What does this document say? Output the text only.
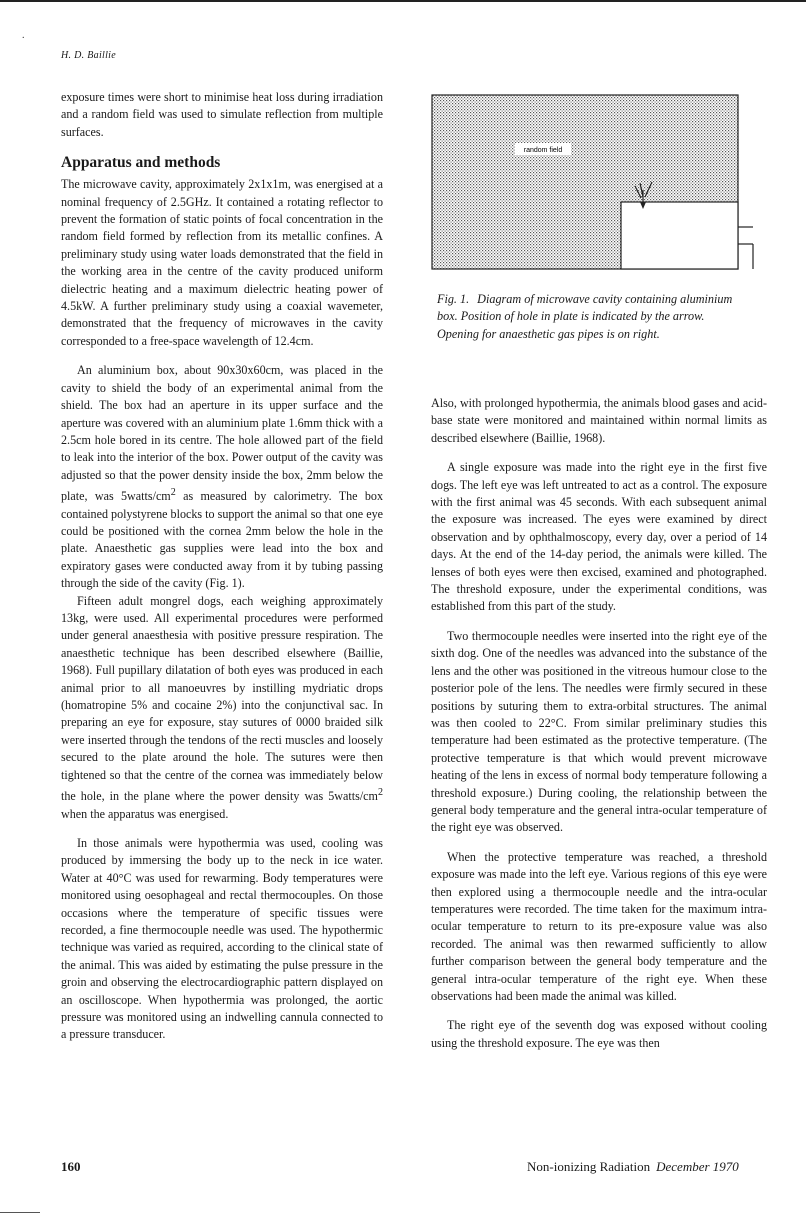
.
H. D. Baillie

exposure times were short to minimise heat loss during irradiation and a random field was used to simulate reflection from multiple surfaces.

Apparatus and methods

The microwave cavity, approximately 2x1x1m, was energised at a nominal frequency of 2.5GHz. It contained a rotating reflector to prevent the formation of static points of focal concentration in the random field formed by reflection from its metallic confines. A preliminary study using water loads demonstrated that the field in the working area in the centre of the cavity produced uniform dielectric heating and a maximum dielectric heating power of 4.5kW. A further preliminary study using a coaxial wavemeter, demonstrated that the frequency of microwaves in the cavity corresponded to a free-space wavelength of 12.4cm.

An aluminium box, about 90x30x60cm, was placed in the cavity to shield the body of an experimental animal from the shield. The box had an aperture in its upper surface and the aperture was covered with an aluminium plate 1.6mm thick with a 2.5cm hole bored in its centre. The hole allowed part of the field to leak into the interior of the box. Power output of the cavity was adjusted so that the power density inside the box, 2mm below the plate, was $5watts/cm^2$ as measured by calorimetry. The box contained polystyrene blocks to support the animal so that one eye could be positioned with the cornea 2mm below the hole in the plate. Anaesthetic gas supplies were lead into the box and expiratory gases were conducted away from it by tubing passing through the side of the cavity (Fig. 1).

Fifteen adult mongrel dogs, each weighing approximately 13kg, were used. All experimental procedures were performed under general anaesthesia with positive pressure respiration. The anaesthetic technique has been described elsewhere (Baillie, 1968). Full pupillary dilatation of both eyes was produced in each animal prior to all manoeuvres by instilling mydriatic drops (homatropine 5% and cocaine 2%) into the conjunctival sac. In preparing an eye for exposure, stay sutures of 0000 braided silk were inserted through the tendons of the recti muscles and loosely secured to the plate around the hole. The sutures were then tightened so that the centre of the cornea was immediately below the hole, in the plane where the power density was $5watts/cm^2$ when the apparatus was energised.

In those animals were hypothermia was used, cooling was produced by immersing the body up to the neck in ice water. Water at 40°C was used for rewarming. Body temperatures were monitored using oesophageal and rectal thermocouples. On those occasions where the temperature of specific tissues were recorded, a fine thermocouple needle was used. The hypothermic technique was varied as required, according to the clinical state of the animal. This was aided by estimating the pulse pressure in the groin and observing the electrocardiographic pattern displayed on an oscilloscope. When hypothermia was prolonged, the aortic pressure was monitored using an indwelling cannula connected to a pressure transducer.

random field
Fig. 1. Diagram of microwave cavity containing aluminium box. Position of hole in plate is indicated by the arrow. Opening for anaesthetic gas pipes is on right.

Also, with prolonged hypothermia, the animals blood gases and acid-base state were monitored and maintained within normal limits as described elsewhere (Baillie, 1968).

A single exposure was made into the right eye in the first five dogs. The left eye was left untreated to act as a control. The exposure with the first animal was 45 seconds. With each subsequent animal the exposure was increased. The eyes were examined by direct observation and by ophthalmoscopy, every day, over a period of 14 days. At the end of the 14-day period, the animals were killed. The lenses of both eyes were then excised, examined and photographed. The threshold exposure, under the experimental conditions, was established from this part of the study.

Two thermocouple needles were inserted into the right eye of the sixth dog. One of the needles was advanced into the substance of the lens and the other was positioned in the vitreous humour close to the posterior pole of the lens. The needles were firmly secured in these positions by suturing them to extra-orbital structures. The animal was then cooled to 22°C. From similar preliminary studies this temperature had been estimated as the protective temperature. (The protective temperature is that which would prevent microwave heating of the lens in excess of normal body temperature following a threshold exposure.) During cooling, the relationship between the general body temperature and the general intra-ocular temperature of the right eye was observed.

When the protective temperature was reached, a threshold exposure was made into the left eye. Various regions of this eye were then explored using a thermocouple needle and the intra-ocular temperatures were recorded. The time taken for the maximum intra-ocular temperature to return to its pre-exposure value was also recorded. The animal was then rewarmed sufficiently to allow further comparison between the general body temperature and the general intra-ocular temperature of the right eye. When these observations had been made the animal was killed.

The right eye of the seventh dog was exposed without cooling using the threshold exposure. The eye was then

160	Non-ionizing Radiation December 1970
